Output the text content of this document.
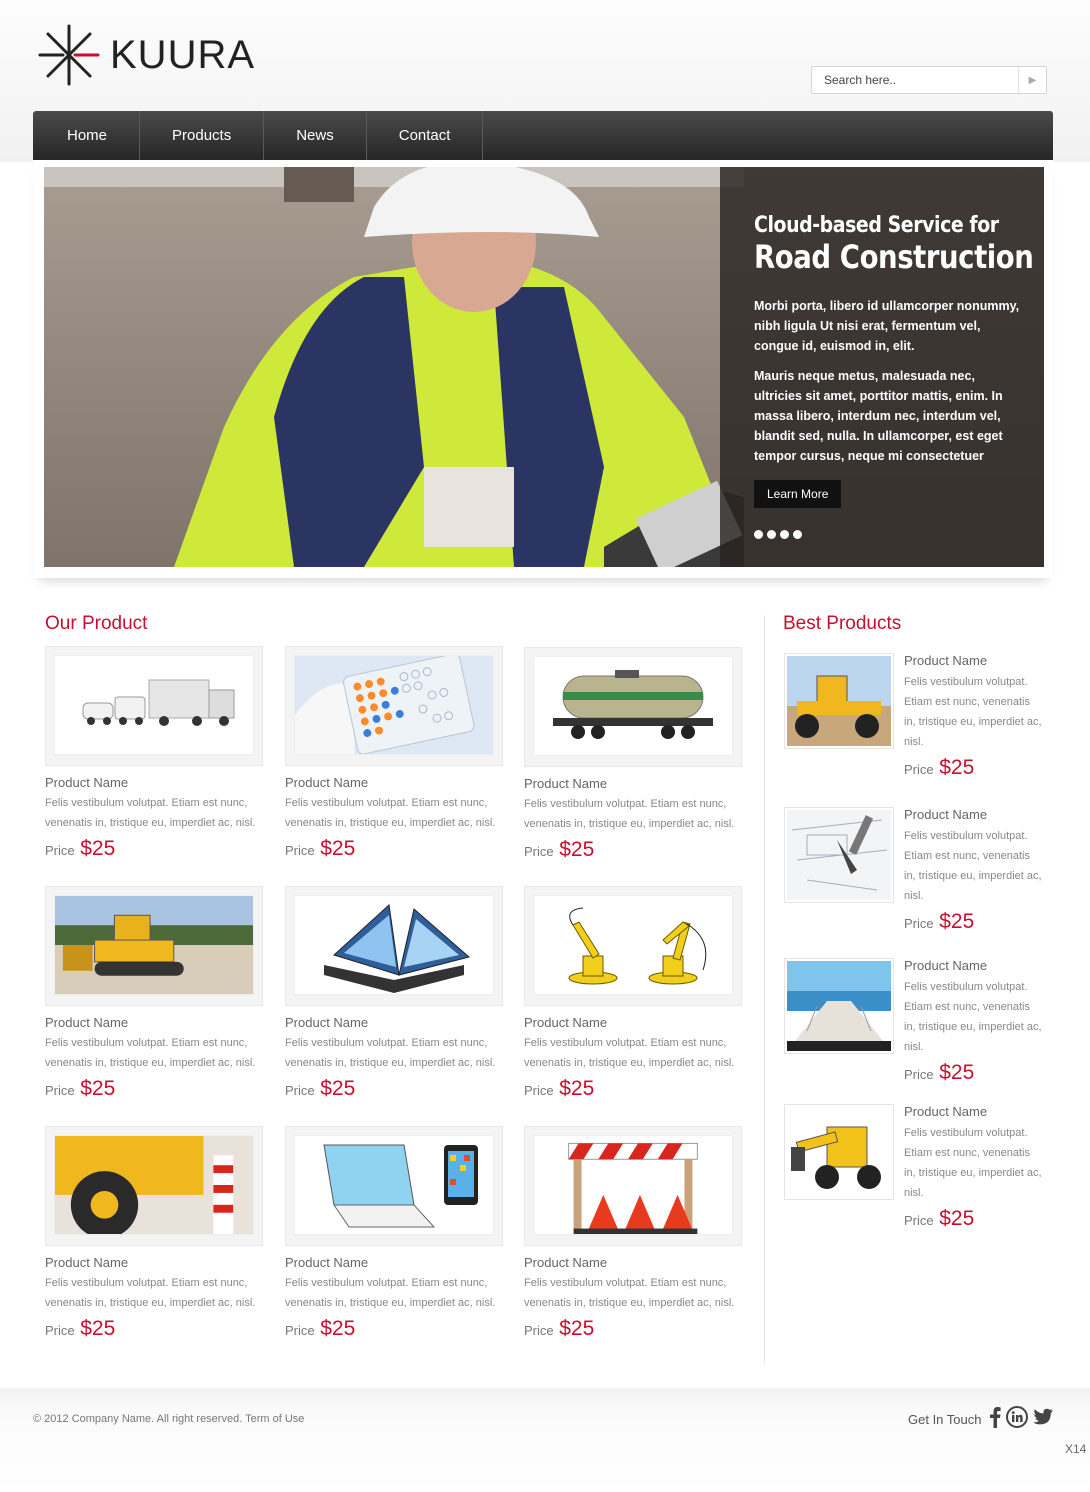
KUURA
Search here..
▶
Home	Products	News	Contact
Cloud-based Service for
Road Construction
Morbi porta, libero id ullamcorper nonummy, nibh ligula Ut nisi erat, fermentum vel, congue id, euismod in, elit.
Mauris neque metus, malesuada nec, ultricies sit amet, porttitor mattis, enim. In massa libero, interdum nec, interdum vel, blandit sed, nulla. In ullamcorper, est eget tempor cursus, neque mi consectetuer
Learn More
Our Product	Best Products
Product Name
Felis vestibulum volutpat. Etiam est nunc, venenatis in, tristique eu, imperdiet ac, nisl.
Price $25
Product Name
Felis vestibulum volutpat. Etiam est nunc, venenatis in, tristique eu, imperdiet ac, nisl.
Price $25
Product Name
Felis vestibulum volutpat. Etiam est nunc, venenatis in, tristique eu, imperdiet ac, nisl.
Price $25
Product Name
Felis vestibulum volutpat. Etiam est nunc, venenatis in, tristique eu, imperdiet ac, nisl.
Price $25
Product Name
Felis vestibulum volutpat. Etiam est nunc, venenatis in, tristique eu, imperdiet ac, nisl.
Price $25
Product Name
Felis vestibulum volutpat. Etiam est nunc, venenatis in, tristique eu, imperdiet ac, nisl.
Price $25
Product Name
Felis vestibulum volutpat. Etiam est nunc, venenatis in, tristique eu, imperdiet ac, nisl.
Price $25
Product Name
Felis vestibulum volutpat. Etiam est nunc, venenatis in, tristique eu, imperdiet ac, nisl.
Price $25
Product Name
Felis vestibulum volutpat. Etiam est nunc, venenatis in, tristique eu, imperdiet ac, nisl.
Price $25
Product Name
Felis vestibulum volutpat. Etiam est nunc, venenatis in, tristique eu, imperdiet ac, nisl.
Price $25
Product Name
Felis vestibulum volutpat. Etiam est nunc, venenatis in, tristique eu, imperdiet ac, nisl.
Price $25
Product Name
Felis vestibulum volutpat. Etiam est nunc, venenatis in, tristique eu, imperdiet ac, nisl.
Price $25
Product Name
Felis vestibulum volutpat. Etiam est nunc, venenatis in, tristique eu, imperdiet ac, nisl.
Price $25
© 2012 Company Name. All right reserved. Term of Use	Get In Touch
X14
